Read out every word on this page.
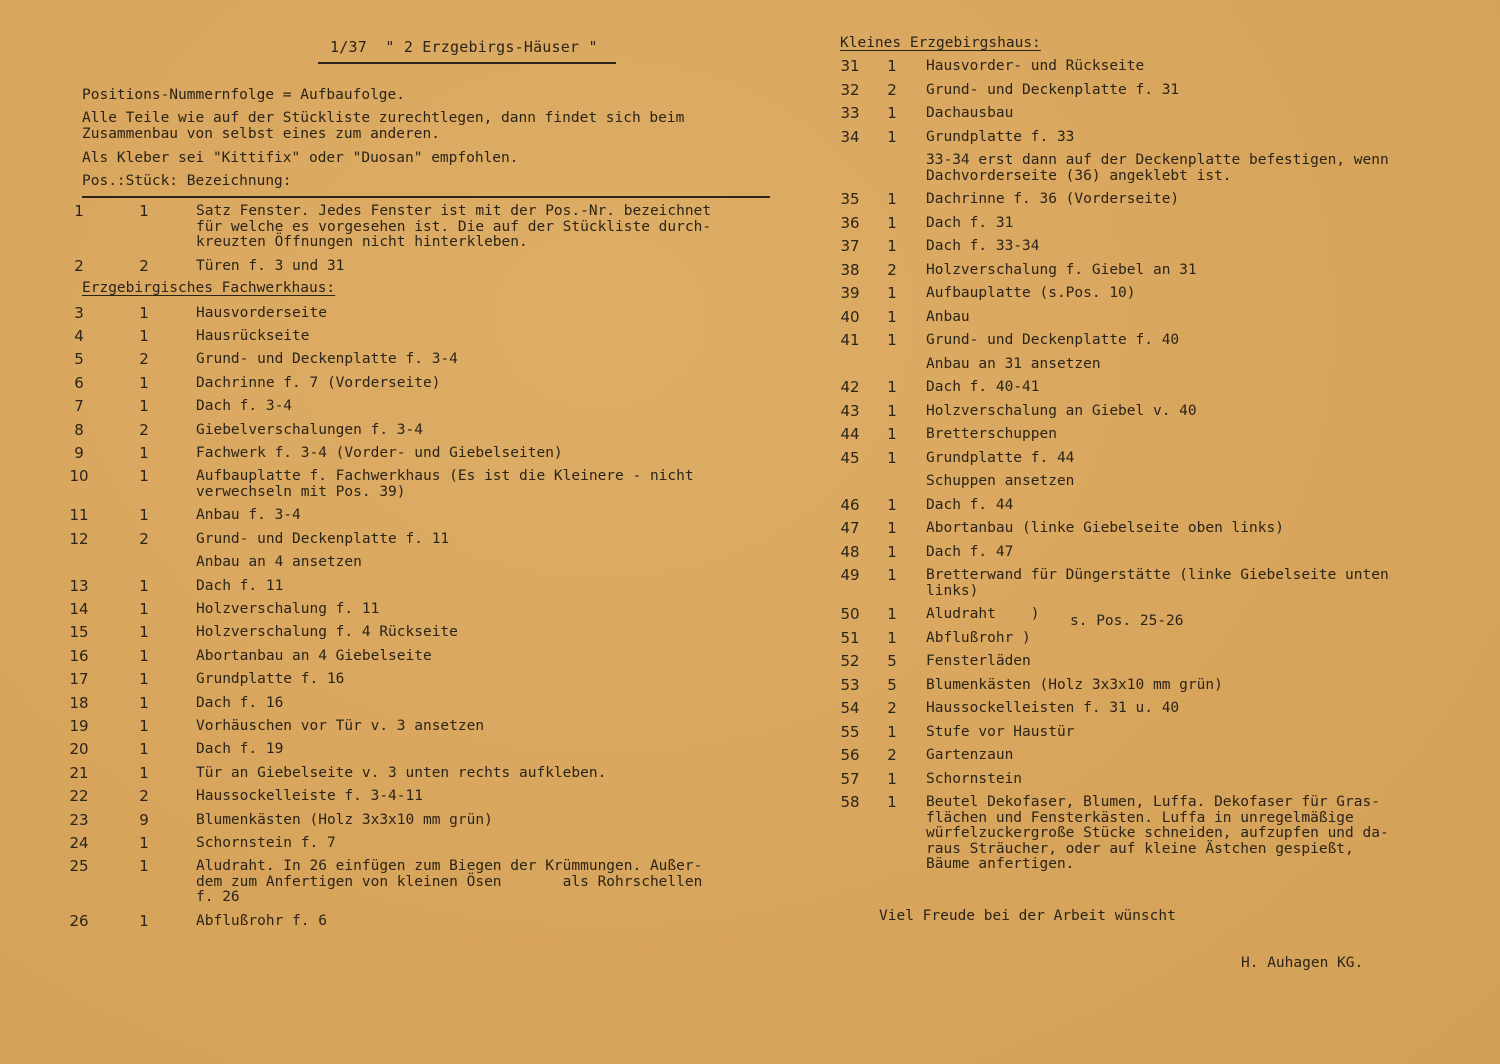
1/37  " 2 Erzgebirgs-Häuser "
Positions-Nummernfolge = Aufbaufolge.
Alle Teile wie auf der Stückliste zurechtlegen, dann findet sich beim
Zusammenbau von selbst eines zum anderen.
Als Kleber sei "Kittifix" oder "Duosan" empfohlen.
Pos.:Stück: Bezeichnung:
1	1	Satz Fenster. Jedes Fenster ist mit der Pos.-Nr. bezeichnet
für welche es vorgesehen ist. Die auf der Stückliste durch-
kreuzten Öffnungen nicht hinterkleben.
2	2	Türen f. 3 und 31
Erzgebirgisches Fachwerkhaus:
3	1	Hausvorderseite
4	1	Hausrückseite
5	2	Grund- und Deckenplatte f. 3-4
6	1	Dachrinne f. 7 (Vorderseite)
7	1	Dach f. 3-4
8	2	Giebelverschalungen f. 3-4
9	1	Fachwerk f. 3-4 (Vorder- und Giebelseiten)
10	1	Aufbauplatte f. Fachwerkhaus (Es ist die Kleinere - nicht
verwechseln mit Pos. 39)
11	1	Anbau f. 3-4
12	2	Grund- und Deckenplatte f. 11
Anbau an 4 ansetzen
13	1	Dach f. 11
14	1	Holzverschalung f. 11
15	1	Holzverschalung f. 4 Rückseite
16	1	Abortanbau an 4 Giebelseite
17	1	Grundplatte f. 16
18	1	Dach f. 16
19	1	Vorhäuschen vor Tür v. 3 ansetzen
20	1	Dach f. 19
21	1	Tür an Giebelseite v. 3 unten rechts aufkleben.
22	2	Haussockelleiste f. 3-4-11
23	9	Blumenkästen (Holz 3x3x10 mm grün)
24	1	Schornstein f. 7
25	1	Aludraht. In 26 einfügen zum Biegen der Krümmungen. Außer-
dem zum Anfertigen von kleinen Ösen       als Rohrschellen
f. 26
26	1	Abflußrohr f. 6
Kleines Erzgebirgshaus:
31	1	Hausvorder- und Rückseite
32	2	Grund- und Deckenplatte f. 31
33	1	Dachausbau
34	1	Grundplatte f. 33
33-34 erst dann auf der Deckenplatte befestigen, wenn
Dachvorderseite (36) angeklebt ist.
35	1	Dachrinne f. 36 (Vorderseite)
36	1	Dach f. 31
37	1	Dach f. 33-34
38	2	Holzverschalung f. Giebel an 31
39	1	Aufbauplatte (s.Pos. 10)
40	1	Anbau
41	1	Grund- und Deckenplatte f. 40
Anbau an 31 ansetzen
42	1	Dach f. 40-41
43	1	Holzverschalung an Giebel v. 40
44	1	Bretterschuppen
45	1	Grundplatte f. 44
Schuppen ansetzen
46	1	Dach f. 44
47	1	Abortanbau (linke Giebelseite oben links)
48	1	Dach f. 47
49	1	Bretterwand für Düngerstätte (linke Giebelseite unten
links)
50	1	Aludraht    )
51	1	Abflußrohr )
52	5	Fensterläden
53	5	Blumenkästen (Holz 3x3x10 mm grün)
54	2	Haussockelleisten f. 31 u. 40
55	1	Stufe vor Haustür
56	2	Gartenzaun
57	1	Schornstein
58	1	Beutel Dekofaser, Blumen, Luffa. Dekofaser für Gras-
flächen und Fensterkästen. Luffa in unregelmäßige
würfelzuckergroße Stücke schneiden, aufzupfen und da-
raus Sträucher, oder auf kleine Ästchen gespießt,
Bäume anfertigen.
s. Pos. 25-26
Viel Freude bei der Arbeit wünscht
H. Auhagen KG.
